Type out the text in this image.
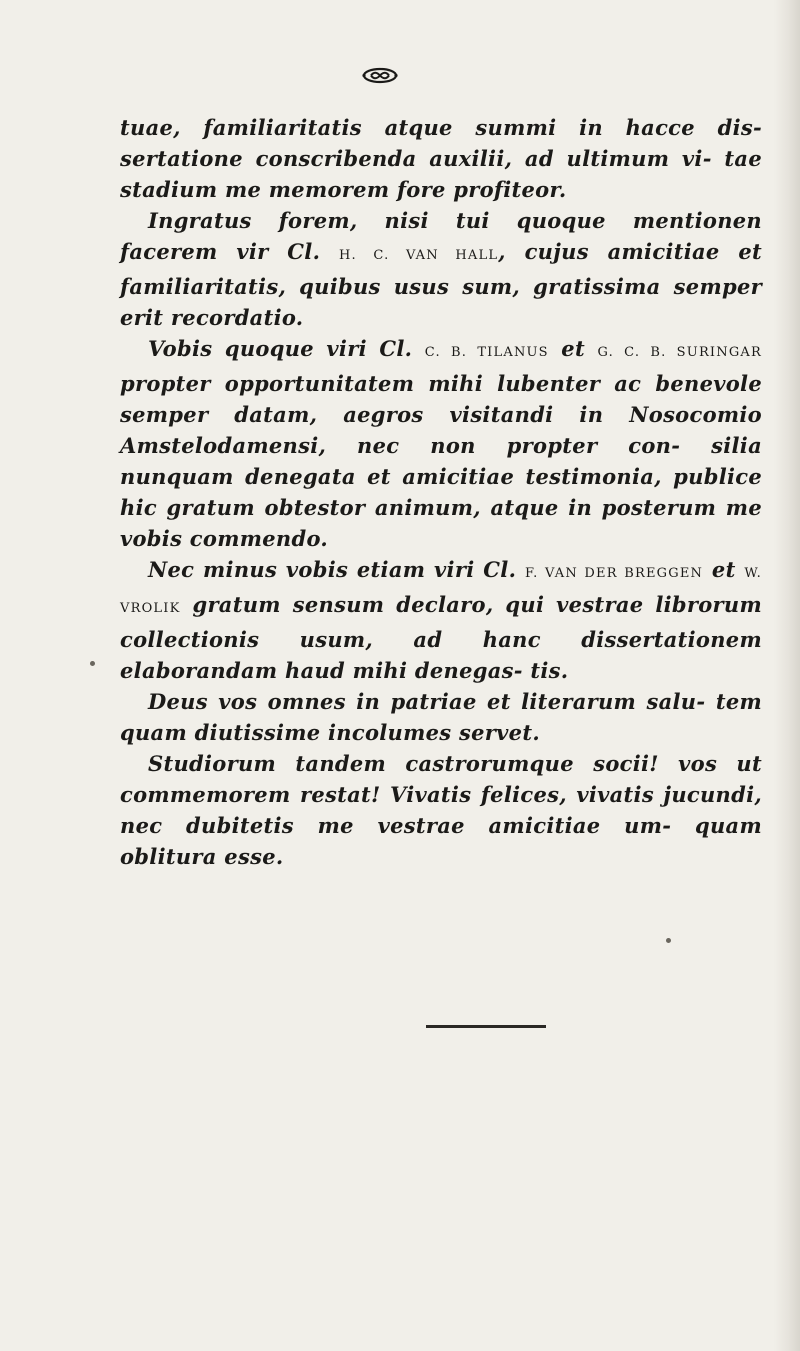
tuae, familiaritatis atque summi in hacce dis- sertatione conscribenda auxilii, ad ultimum vi- tae stadium me memorem fore profiteor.

Ingratus forem, nisi tui quoque mentionen facerem vir Cl. H. C. VAN HALL, cujus amicitiae et familiaritatis, quibus usus sum, gratissima semper erit recordatio.

Vobis quoque viri Cl. C. B. TILANUS et G. C. B. SURINGAR propter opportunitatem mihi lubenter ac benevole semper datam, aegros visitandi in Nosocomio Amstelodamensi, nec non propter con- silia nunquam denegata et amicitiae testimonia, publice hic gratum obtestor animum, atque in posterum me vobis commendo.

Nec minus vobis etiam viri Cl. F. VAN DER BREGGEN et W. VROLIK gratum sensum declaro, qui vestrae librorum collectionis usum, ad hanc dissertationem elaborandam haud mihi denegas- tis.

Deus vos omnes in patriae et literarum salu- tem quam diutissime incolumes servet.

Studiorum tandem castrorumque socii! vos ut commemorem restat! Vivatis felices, vivatis jucundi, nec dubitetis me vestrae amicitiae um- quam oblitura esse.
